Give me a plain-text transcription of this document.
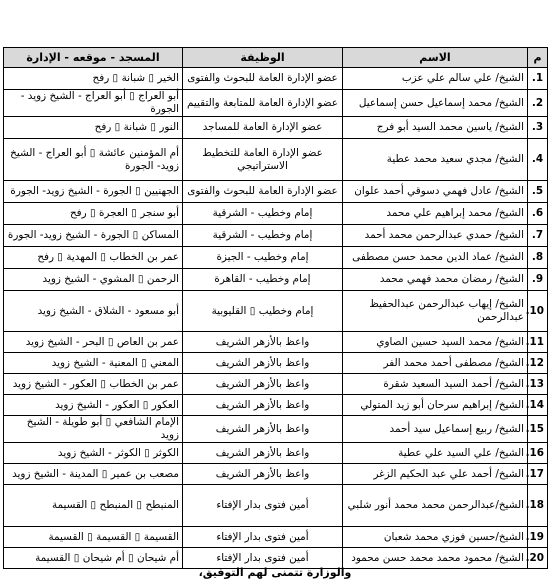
م	الاسم	الوظيفة	المسجد - موقعه - الإدارة
1.	الشيخ/ علي سالم علي عزب	عضو الإدارة العامة للبحوث والفتوى	الخير ▯ شبانة ▯ رفح
2.	الشيخ/ محمد إسماعيل حسن إسماعيل	عضو الإدارة العامة للمتابعة والتقييم	أبو العراج ▯ أبو العراج - الشيخ زويد - الجورة
3.	الشيخ/ ياسين محمد السيد أبو فرج	عضو الإدارة العامة للمساجد	النور ▯ شبانة ▯ رفح
4.	الشيخ/ مجدي سعيد محمد عطية	عضو الإدارة العامة للتخطيط الاستراتيجي	أم المؤمنين عائشة ▯ أبو العراج - الشيخ زويد- الجورة
5.	الشيخ/ عادل فهمي دسوقي أحمد علوان	عضو الإدارة العامة للبحوث والفتوى	الجهنيين ▯ الجورة - الشيخ زويد- الجورة
6.	الشيخ/ محمد إبراهيم علي محمد	إمام وخطيب - الشرقية	أبو سنجر ▯ العجرة ▯ رفح
7.	الشيخ/ حمدي عبدالرحمن محمد أحمد	إمام وخطيب - الشرقية	المساكن ▯ الجورة - الشيخ زويد- الجورة
8.	الشيخ/ عماد الدين محمد حسن مصطفى	إمام وخطيب - الجيزة	عمر بن الخطاب ▯ المهدية ▯ رفح
9.	الشيخ/ رمضان محمد فهمي محمد	إمام وخطيب - القاهرة	الرحمن ▯ المشوي - الشيخ زويد
10.	الشيخ/ إيهاب عبدالرحمن عبدالحفيظ عبدالرحمن	إمام وخطيب ▯ القليوبية	أبو مسعود - الشلاق - الشيخ زويد
11.	الشيخ/ محمد السيد حسين الصاوي	واعظ بالأزهر الشريف	عمر بن العاص ▯ البحر - الشيخ زويد
12.	الشيخ/ مصطفى أحمد محمد الفر	واعظ بالأزهر الشريف	المعني ▯ المعنية - الشيخ زويد
13.	الشيخ/ أحمد السيد السعيد شقرة	واعظ بالأزهر الشريف	عمر بن الخطاب ▯ العكور - الشيخ زويد
14.	الشيخ/ إبراهيم سرحان أبو زيد المتولي	واعظ بالأزهر الشريف	العكور ▯ العكور - الشيخ زويد
15.	الشيخ/ ربيع إسماعيل سيد أحمد	واعظ بالأزهر الشريف	الإمام الشافعي ▯ أبو طويلة - الشيخ زويد
16.	الشيخ/ علي السيد علي عطية	واعظ بالأزهر الشريف	الكوثر ▯ الكوثر - الشيخ زويد
17.	الشيخ/ أحمد علي عبد الحكيم الزغر	واعظ بالأزهر الشريف	مصعب بن عمير ▯ المدينة - الشيخ زويد
18.	الشيخ/عبدالرحمن محمد محمد أنور شلبي	أمين فتوى بدار الإفتاء	المنبطح ▯ المنبطح ▯ القسيمة
19.	الشيخ/حسين فوزي محمد شعبان	أمين فتوى بدار الإفتاء	القسيمة ▯ القسيمة ▯ القسيمة
20.	الشيخ/ محمود محمد محمد حسن محمود	أمين فتوى بدار الإفتاء	أم شيحان ▯ أم شيحان ▯ القسيمة
والوزارة تتمنى لهم التوفيق،
